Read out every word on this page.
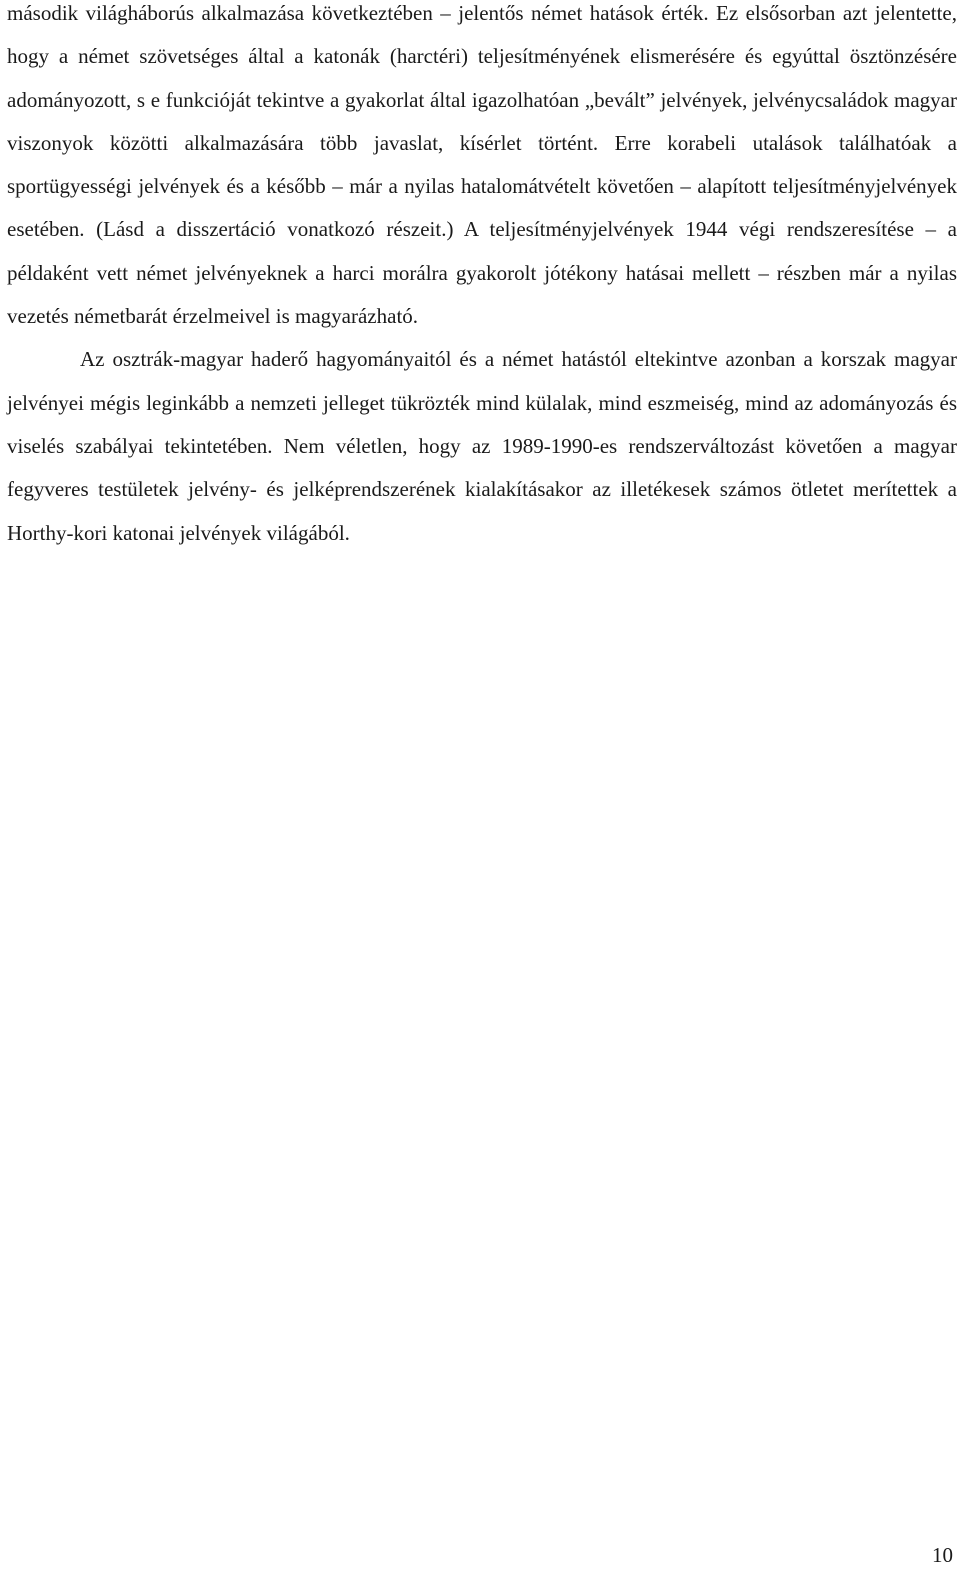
második világháborús alkalmazása következtében – jelentős német hatások érték. Ez elsősorban azt jelentette, hogy a német szövetséges által a katonák (harctéri) teljesítményének elismerésére és egyúttal ösztönzésére adományozott, s e funkcióját tekintve a gyakorlat által igazolhatóan „bevált” jelvények, jelvénycsaládok magyar viszonyok közötti alkalmazására több javaslat, kísérlet történt. Erre korabeli utalások találhatóak a sportügyességi jelvények és a később – már a nyilas hatalomátvételt követően – alapított teljesítményjelvények esetében. (Lásd a disszertáció vonatkozó részeit.) A teljesítményjelvények 1944 végi rendszeresítése – a példaként vett német jelvényeknek a harci morálra gyakorolt jótékony hatásai mellett – részben már a nyilas vezetés németbarát érzelmeivel is magyarázható.

Az osztrák-magyar haderő hagyományaitól és a német hatástól eltekintve azonban a korszak magyar jelvényei mégis leginkább a nemzeti jelleget tükrözték mind külalak, mind eszmeiség, mind az adományozás és viselés szabályai tekintetében. Nem véletlen, hogy az 1989-1990-es rendszerváltozást követően a magyar fegyveres testületek jelvény- és jelképrendszerének kialakításakor az illetékesek számos ötletet merítettek a Horthy-kori katonai jelvények világából.

10
